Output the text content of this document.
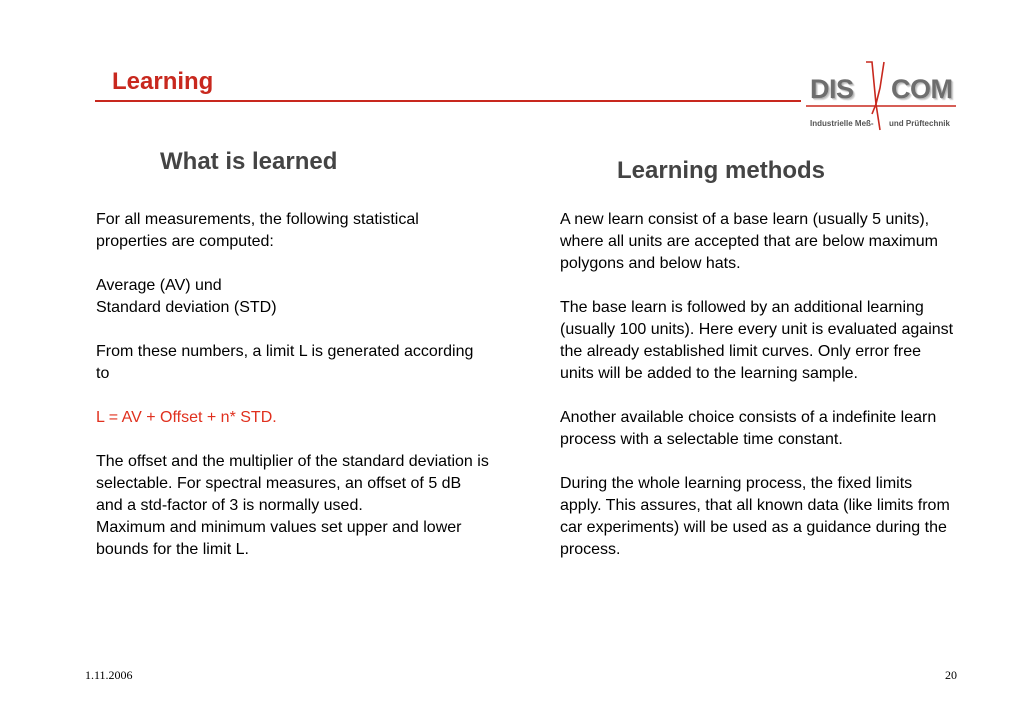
Learning	DIS COM
Industrielle Meß- und Prüftechnik
What is learned	Learning methods

For all measurements, the following statistical properties are computed:

Average (AV) und
Standard deviation (STD)

From these numbers, a limit L is generated according to

L = AV + Offset + n* STD.

The offset and the multiplier of the standard deviation is selectable. For spectral measures, an offset of 5 dB and a std-factor of 3 is normally used.

Maximum and minimum values set upper and lower bounds for the limit L.

A new learn consist of a base learn (usually 5 units), where all units are accepted that are below maximum polygons and below hats.

The base learn is followed by an additional learning (usually 100 units). Here every unit is evaluated against the already established limit curves. Only error free units will be added to the learning sample.

Another available choice consists of a indefinite learn process with a selectable time constant.

During the whole learning process, the fixed limits apply. This assures, that all known data (like limits from car experiments) will be used as a guidance during the process.

1.11.2006	20
